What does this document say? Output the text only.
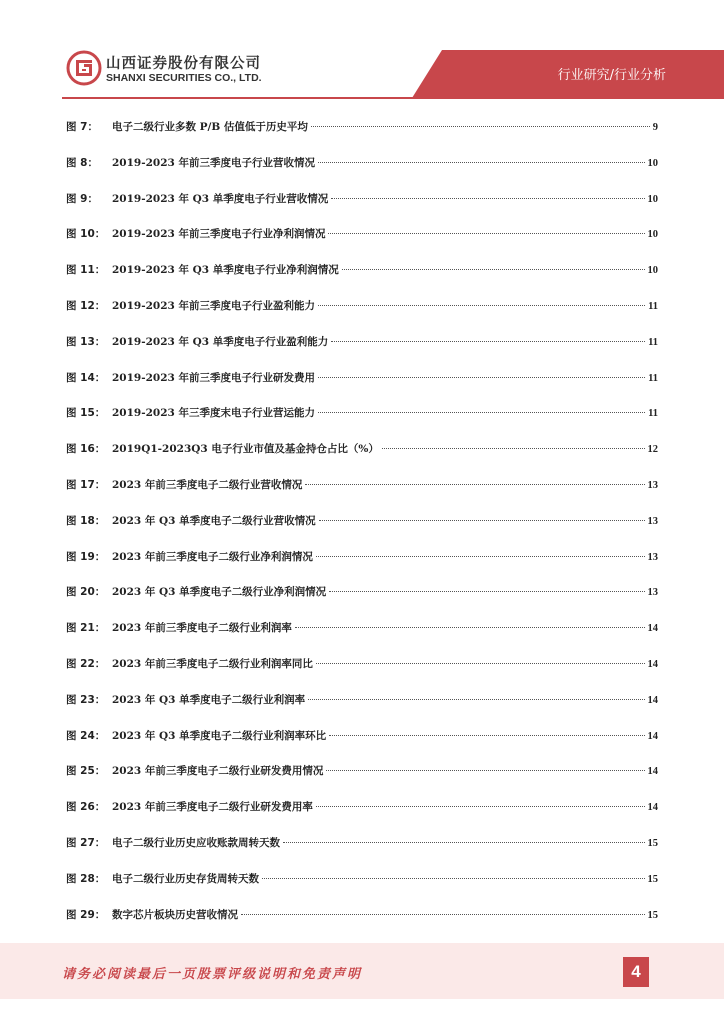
山西证券股份有限公司
SHANXI SECURITIES CO., LTD.	行业研究/行业分析
图 7：	电子二级行业多数 P/B 估值低于历史平均	9
图 8：	2019-2023 年前三季度电子行业营收情况	10
图 9：	2019-2023 年 Q3 单季度电子行业营收情况	10
图 10： 2019-2023 年前三季度电子行业净利润情况	10
图 11： 2019-2023 年 Q3 单季度电子行业净利润情况	10
图 12： 2019-2023 年前三季度电子行业盈利能力	11
图 13： 2019-2023 年 Q3 单季度电子行业盈利能力	11
图 14： 2019-2023 年前三季度电子行业研发费用	11
图 15： 2019-2023 年三季度末电子行业营运能力	11
图 16： 2019Q1-2023Q3 电子行业市值及基金持仓占比（%）	12
图 17： 2023 年前三季度电子二级行业营收情况	13
图 18： 2023 年 Q3 单季度电子二级行业营收情况	13
图 19： 2023 年前三季度电子二级行业净利润情况	13
图 20： 2023 年 Q3 单季度电子二级行业净利润情况	13
图 21： 2023 年前三季度电子二级行业利润率	14
图 22： 2023 年前三季度电子二级行业利润率同比	14
图 23： 2023 年 Q3 单季度电子二级行业利润率	14
图 24： 2023 年 Q3 单季度电子二级行业利润率环比	14
图 25： 2023 年前三季度电子二级行业研发费用情况	14
图 26： 2023 年前三季度电子二级行业研发费用率	14
图 27： 电子二级行业历史应收账款周转天数	15
图 28： 电子二级行业历史存货周转天数	15
图 29： 数字芯片板块历史营收情况	15
请务必阅读最后一页股票评级说明和免责声明	4
